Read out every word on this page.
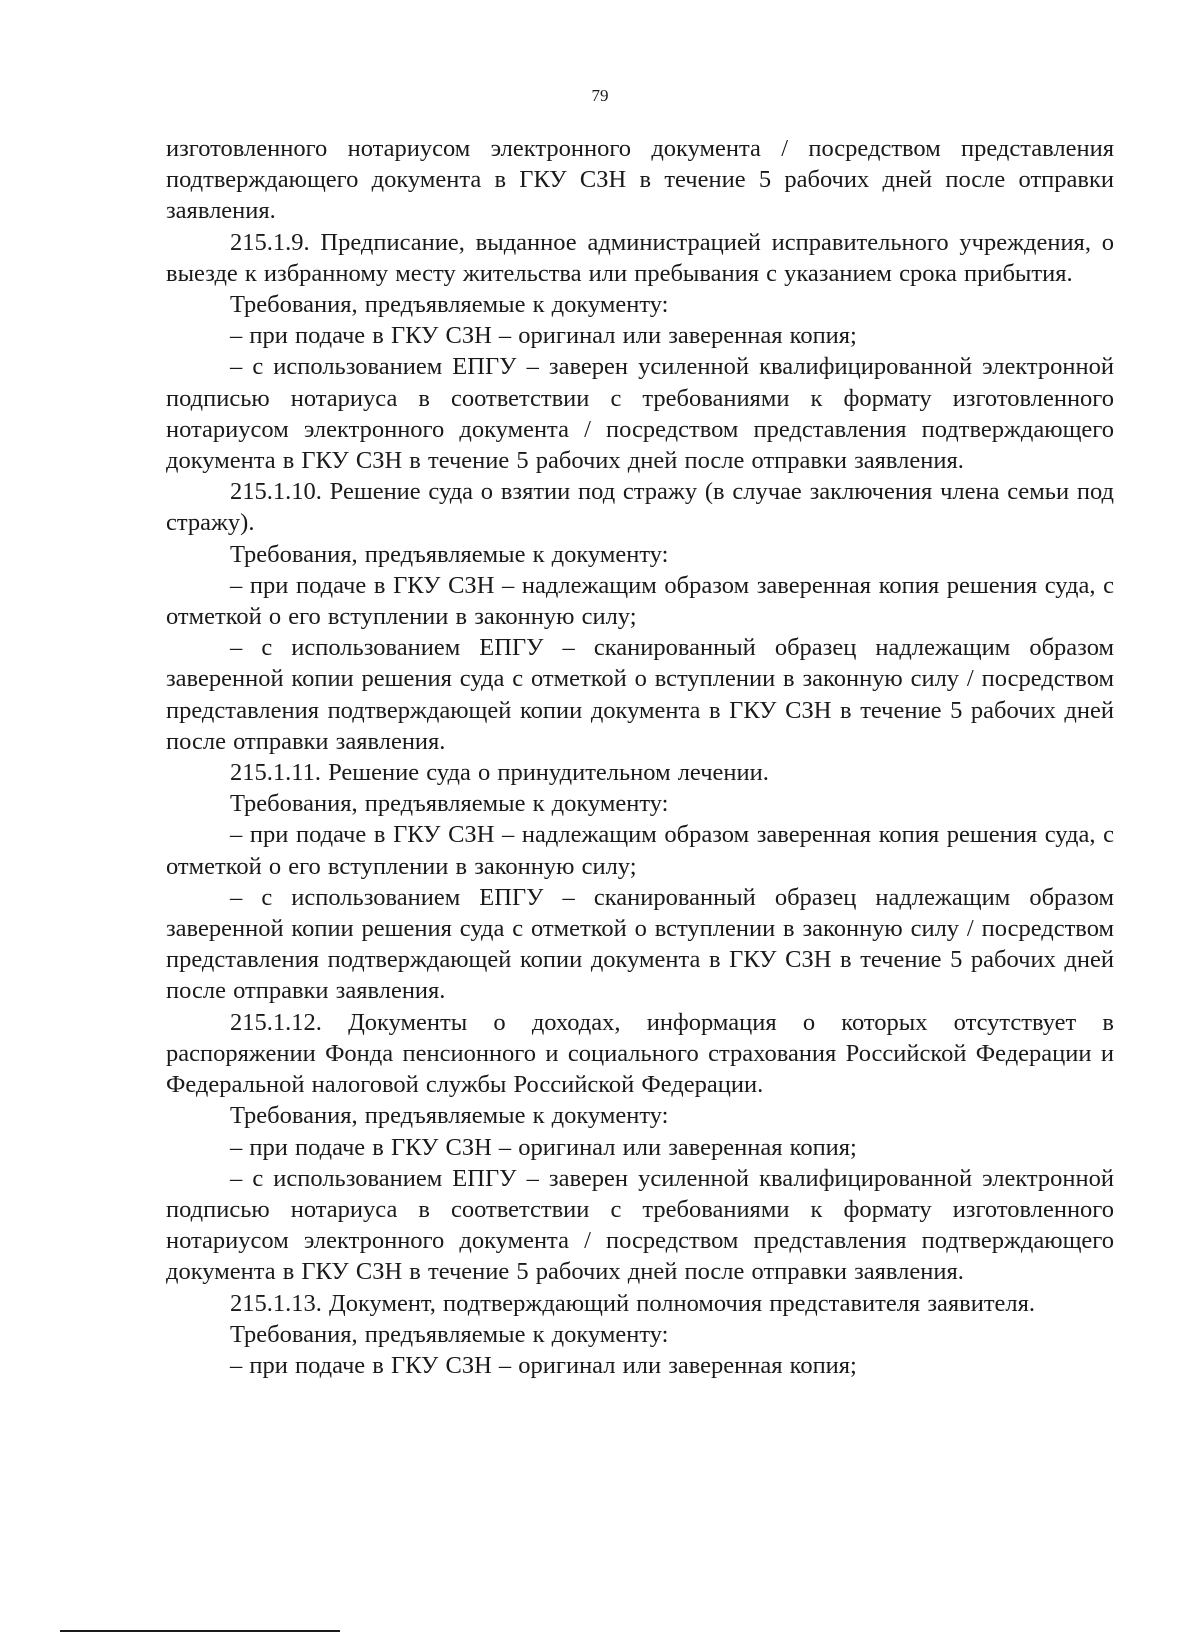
79

изготовленного нотариусом электронного документа / посредством представления подтверждающего документа в ГКУ СЗН в течение 5 рабочих дней после отправки заявления.

215.1.9. Предписание, выданное администрацией исправительного учреждения, о выезде к избранному месту жительства или пребывания с указанием срока прибытия.

Требования, предъявляемые к документу:

– при подаче в ГКУ СЗН – оригинал или заверенная копия;

– с использованием ЕПГУ – заверен усиленной квалифицированной электронной подписью нотариуса в соответствии с требованиями к формату изготовленного нотариусом электронного документа / посредством представления подтверждающего документа в ГКУ СЗН в течение 5 рабочих дней после отправки заявления.

215.1.10. Решение суда о взятии под стражу (в случае заключения члена семьи под стражу).

Требования, предъявляемые к документу:

– при подаче в ГКУ СЗН – надлежащим образом заверенная копия решения суда, с отметкой о его вступлении в законную силу;

– с использованием ЕПГУ – сканированный образец надлежащим образом заверенной копии решения суда с отметкой о вступлении в законную силу / посредством представления подтверждающей копии документа в ГКУ СЗН в течение 5 рабочих дней после отправки заявления.

215.1.11. Решение суда о принудительном лечении.

Требования, предъявляемые к документу:

– при подаче в ГКУ СЗН – надлежащим образом заверенная копия решения суда, с отметкой о его вступлении в законную силу;

– с использованием ЕПГУ – сканированный образец надлежащим образом заверенной копии решения суда с отметкой о вступлении в законную силу / посредством представления подтверждающей копии документа в ГКУ СЗН в течение 5 рабочих дней после отправки заявления.

215.1.12. Документы о доходах, информация о которых отсутствует в распоряжении Фонда пенсионного и социального страхования Российской Федерации и Федеральной налоговой службы Российской Федерации.

Требования, предъявляемые к документу:

– при подаче в ГКУ СЗН – оригинал или заверенная копия;

– с использованием ЕПГУ – заверен усиленной квалифицированной электронной подписью нотариуса в соответствии с требованиями к формату изготовленного нотариусом электронного документа / посредством представления подтверждающего документа в ГКУ СЗН в течение 5 рабочих дней после отправки заявления.

215.1.13. Документ, подтверждающий полномочия представителя заявителя.

Требования, предъявляемые к документу:

– при подаче в ГКУ СЗН – оригинал или заверенная копия;
